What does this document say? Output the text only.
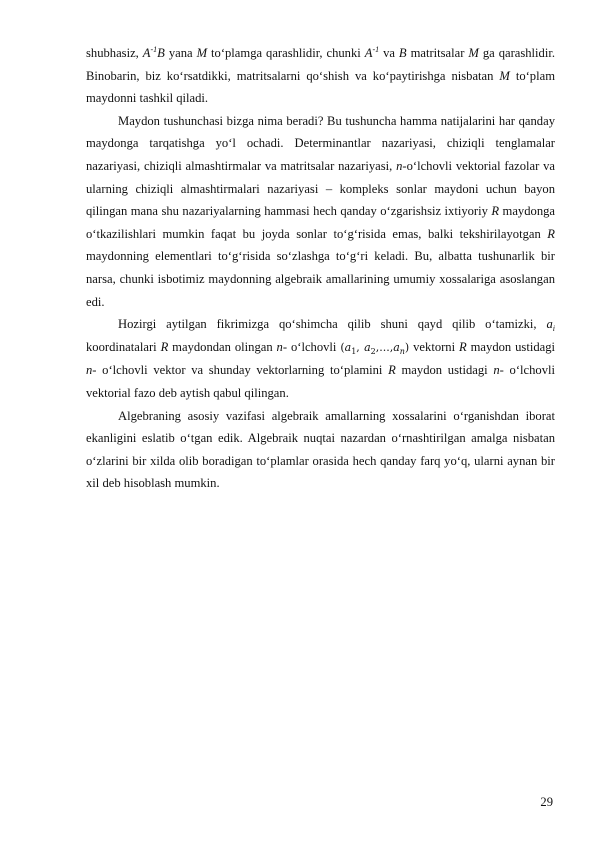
shubhasiz, $A^{-1}B$ yana M to‘plamga qarashlidir, chunki $A^{-1}$ va B matritsalar M ga qarashlidir. Binobarin, biz ko‘rsatdikki, matritsalarni qo‘shish va ko‘paytirishga nisbatan M to‘plam maydonni tashkil qiladi.

Maydon tushunchasi bizga nima beradi? Bu tushuncha hamma natijalarini har qanday maydonga tarqatishga yo‘l ochadi. Determinantlar nazariyasi, chiziqli tenglamalar nazariyasi, chiziqli almashtirmalar va matritsalar nazariyasi, n-o‘lchovli vektorial fazolar va ularning chiziqli almashtirmalari nazariyasi – kompleks sonlar maydoni uchun bayon qilingan mana shu nazariyalarning hammasi hech qanday o‘zgarishsiz ixtiyoriy R maydonga o‘tkazilishlari mumkin faqat bu joyda sonlar to‘g‘risida emas, balki tekshirilayotgan R maydonning elementlari to‘g‘risida so‘zlashga to‘g‘ri keladi. Bu, albatta tushunarlik bir narsa, chunki isbotimiz maydonning algebraik amallarining umumiy xossalariga asoslangan edi.

Hozirgi aytilgan fikrimizga qo‘shimcha qilib shuni qayd qilib o‘tamizki, $a_i$ koordinatalari R maydondan olingan n- o‘lchovli ($a_1$, $a_2,...,a_n$) vektorni R maydon ustidagi n- o‘lchovli vektor va shunday vektorlarning to‘plamini R maydon ustidagi n- o‘lchovli vektorial fazo deb aytish qabul qilingan.

Algebraning asosiy vazifasi algebraik amallarning xossalarini o‘rganishdan iborat ekanligini eslatib o‘tgan edik. Algebraik nuqtai nazardan o‘rnashtirilgan amalga nisbatan o‘zlarini bir xilda olib boradigan to‘plamlar orasida hech qanday farq yo‘q, ularni aynan bir xil deb hisoblash mumkin.

29
